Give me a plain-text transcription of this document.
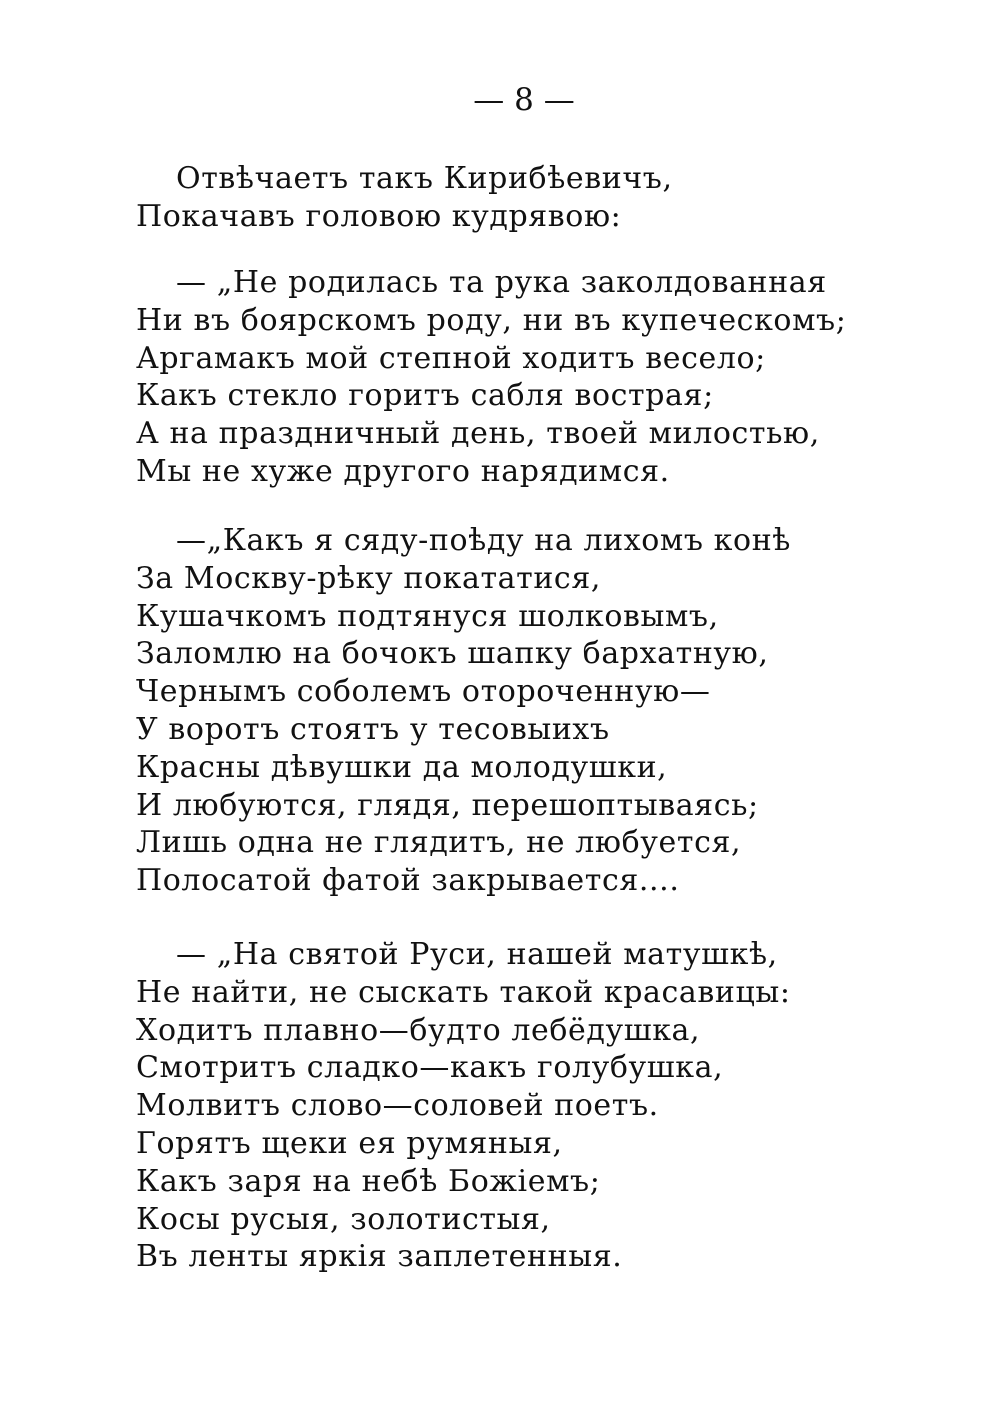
— 8 —
Отвѣчаетъ такъ Кирибѣевичъ,
Покачавъ головою кудрявою:
— „Не родилась та рука заколдованная
Ни въ боярскомъ роду, ни въ купеческомъ;
Аргамакъ мой степной ходитъ весело;
Какъ стекло горитъ сабля вострая;
А на праздничный день, твоей милостью,
Мы не хуже другого нарядимся.
—„Какъ я сяду-поѣду на лихомъ конѣ
За Москву-рѣку покататися,
Кушачкомъ подтянуся шолковымъ,
Заломлю на бочокъ шапку бархатную,
Чернымъ соболемъ отороченную—
У воротъ стоятъ у тесовыихъ
Красны дѣвушки да молодушки,
И любуются, глядя, перешоптываясь;
Лишь одна не глядитъ, не любуется,
Полосатой фатой закрывается....
— „На святой Руси, нашей матушкѣ,
Не найти, не сыскать такой красавицы:
Ходитъ плавно—будто лебёдушка,
Смотритъ сладко—какъ голубушка,
Молвитъ слово—соловей поетъ.
Горятъ щеки ея румяныя,
Какъ заря на небѣ Божіемъ;
Косы русыя, золотистыя,
Въ ленты яркія заплетенныя.
